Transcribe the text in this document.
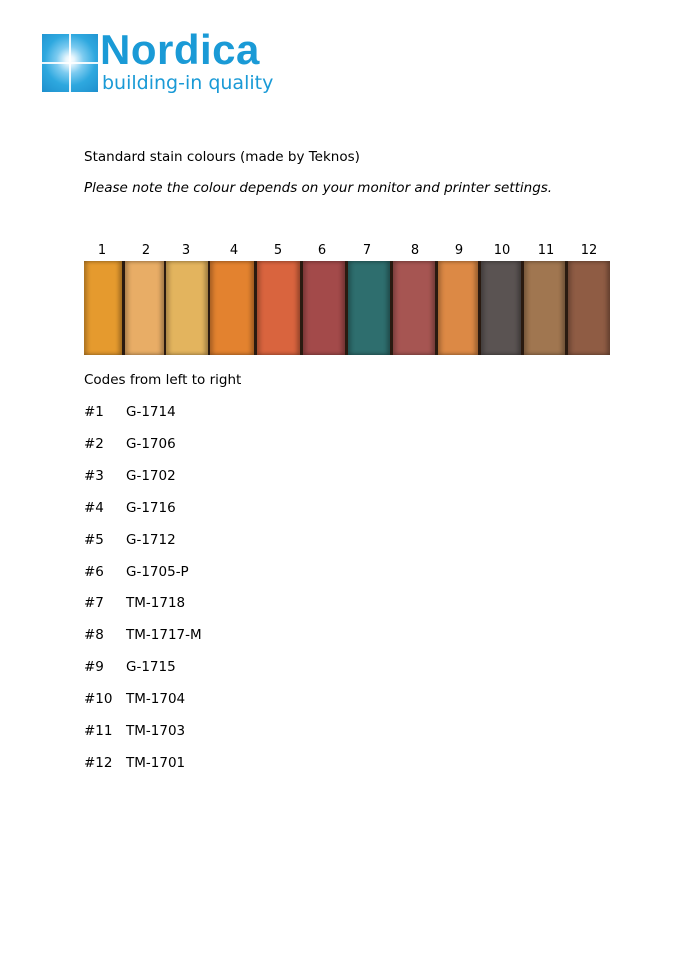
Nordica
building-in quality
Standard stain colours (made by Teknos)
Please note the colour depends on your monitor and printer settings.
1	2 3	4	5	6	7	8	9 10 11 12
Codes from left to right
#1 G-1714
#2 G-1706
#3 G-1702
#4 G-1716
#5 G-1712
#6 G-1705-P
#7 TM-1718
#8 TM-1717-M
#9 G-1715
#10 TM-1704
#11 TM-1703
#12 TM-1701
